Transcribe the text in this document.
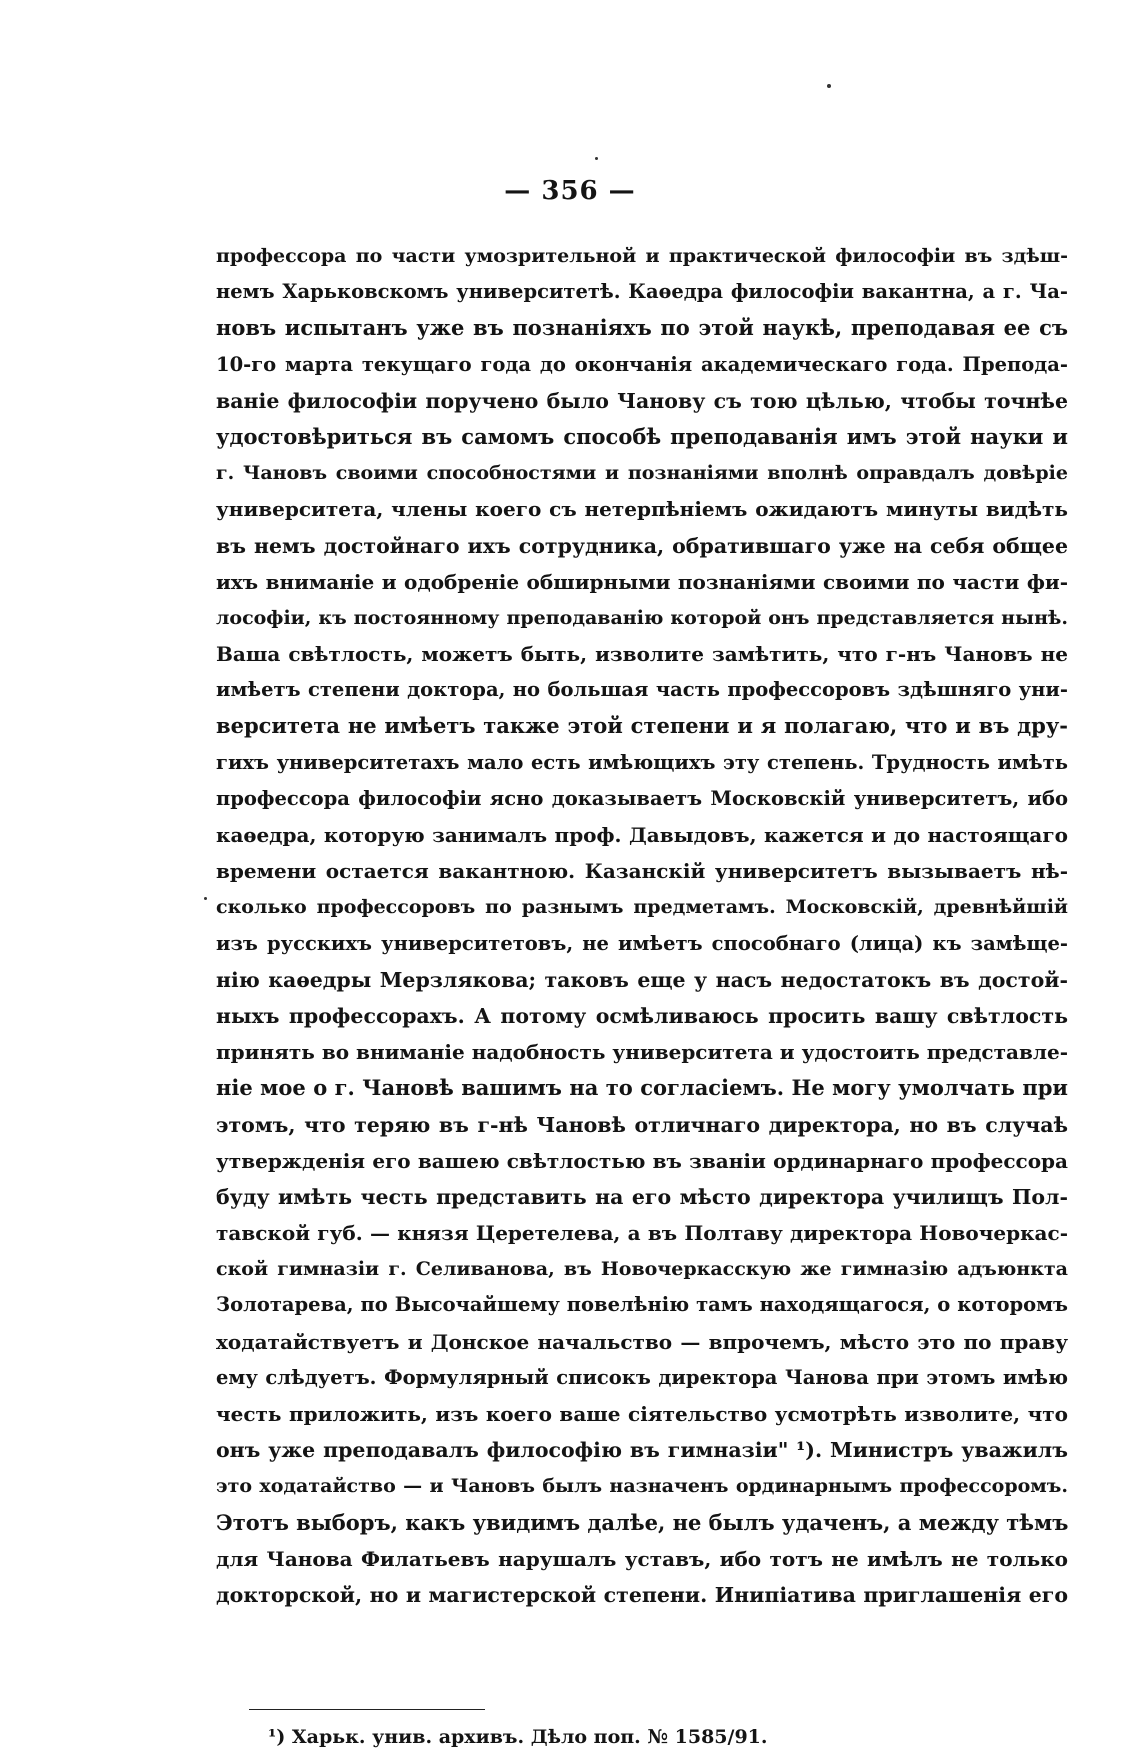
— 356 —
профессора по части умозрительной и практической философіи въ здѣш-
немъ Харьковскомъ университетѣ. Каѳедра философіи вакантна, а г. Ча-
новъ испытанъ уже въ познаніяхъ по этой наукѣ, преподавая ее съ
10-го марта текущаго года до окончанія академическаго года. Препода-
ваніе философіи поручено было Чанову съ тою цѣлью, чтобы точнѣе
удостовѣриться въ самомъ способѣ преподаванія имъ этой науки и
г. Чановъ своими способностями и познаніями вполнѣ оправдалъ довѣріе
университета, члены коего съ нетерпѣніемъ ожидаютъ минуты видѣть
въ немъ достойнаго ихъ сотрудника, обратившаго уже на себя общее
ихъ вниманіе и одобреніе обширными познаніями своими по части фи-
лософіи, къ постоянному преподаванію которой онъ представляется нынѣ.
Ваша свѣтлость, можетъ быть, изволите замѣтить, что г-нъ Чановъ не
имѣетъ степени доктора, но большая часть профессоровъ здѣшняго уни-
верситета не имѣетъ также этой степени и я полагаю, что и въ дру-
гихъ университетахъ мало есть имѣющихъ эту степень. Трудность имѣть
профессора философіи ясно доказываетъ Московскій университетъ, ибо
каѳедра, которую занималъ проф. Давыдовъ, кажется и до настоящаго
времени остается вакантною. Казанскій университетъ вызываетъ нѣ-
сколько профессоровъ по разнымъ предметамъ. Московскій, древнѣйшій
изъ русскихъ университетовъ, не имѣетъ способнаго (лица) къ замѣще-
нію каѳедры Мерзлякова; таковъ еще у насъ недостатокъ въ достой-
ныхъ профессорахъ. А потому осмѣливаюсь просить вашу свѣтлость
принять во вниманіе надобность университета и удостоить представле-
ніе мое о г. Чановѣ вашимъ на то согласіемъ. Не могу умолчать при
этомъ, что теряю въ г-нѣ Чановѣ отличнаго директора, но въ случаѣ
утвержденія его вашею свѣтлостью въ званіи ординарнаго профессора
буду имѣть честь представить на его мѣсто директора училищъ Пол-
тавской губ. — князя Церетелева, а въ Полтаву директора Новочеркас-
ской гимназіи г. Селиванова, въ Новочеркасскую же гимназію адъюнкта
Золотарева, по Высочайшему повелѣнію тамъ находящагося, о которомъ
ходатайствуетъ и Донское начальство — впрочемъ, мѣсто это по праву
ему слѣдуетъ. Формулярный списокъ директора Чанова при этомъ имѣю
честь приложить, изъ коего ваше сіятельство усмотрѣть изволите, что
онъ уже преподавалъ философію въ гимназіи" ¹). Министръ уважилъ
это ходатайство — и Чановъ былъ назначенъ ординарнымъ профессоромъ.
Этотъ выборъ, какъ увидимъ далѣе, не былъ удаченъ, а между тѣмъ
для Чанова Филатьевъ нарушалъ уставъ, ибо тотъ не имѣлъ не только
докторской, но и магистерской степени. Инипіатива приглашенія его
¹) Харьк. унив. архивъ. Дѣло поп. № 1585/91.
